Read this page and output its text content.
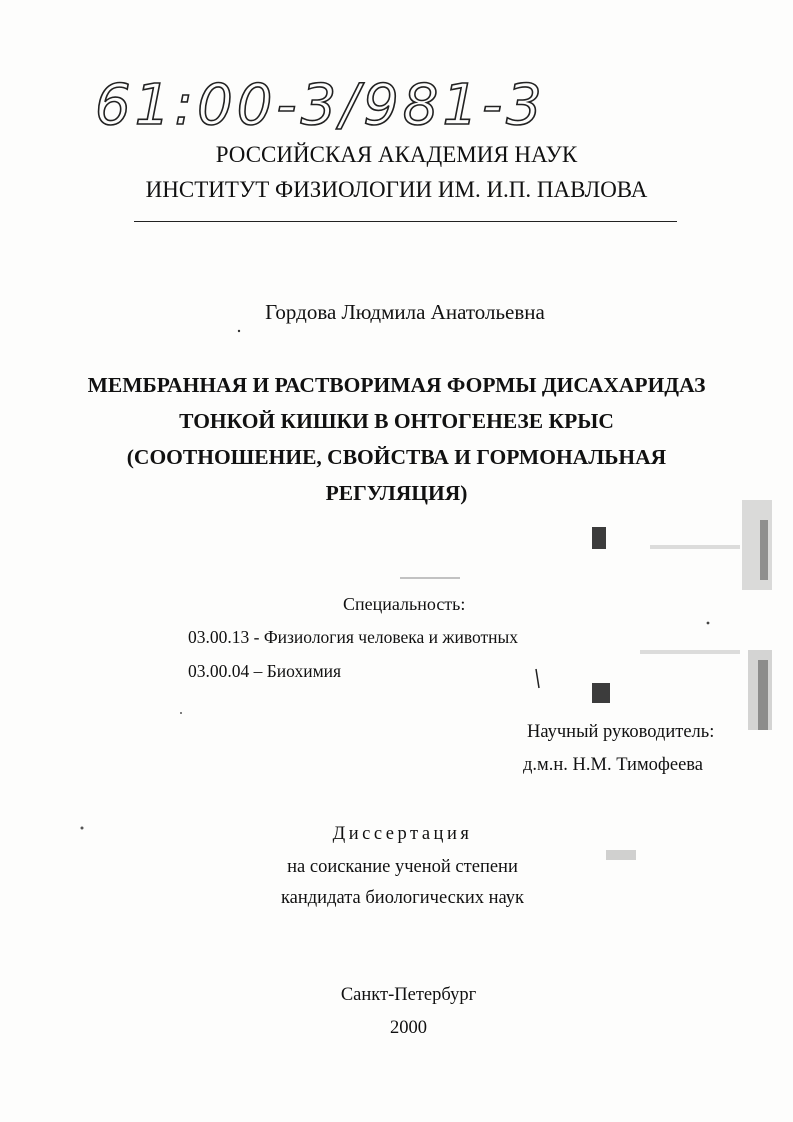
61:00-3/981-3
РОССИЙСКАЯ АКАДЕМИЯ НАУК
ИНСТИТУТ ФИЗИОЛОГИИ ИМ. И.П. ПАВЛОВА
Гордова Людмила Анатольевна
МЕМБРАННАЯ И РАСТВОРИМАЯ ФОРМЫ ДИСАХАРИДАЗ
ТОНКОЙ КИШКИ В ОНТОГЕНЕЗЕ КРЫС
(СООТНОШЕНИЕ, СВОЙСТВА И ГОРМОНАЛЬНАЯ
РЕГУЛЯЦИЯ)
Специальность:
03.00.13 - Физиология человека и животных
03.00.04 – Биохимия
Научный руководитель:
д.м.н. Н.М. Тимофеева
Диссертация
на соискание ученой степени
кандидата биологических наук
Санкт-Петербург
2000
